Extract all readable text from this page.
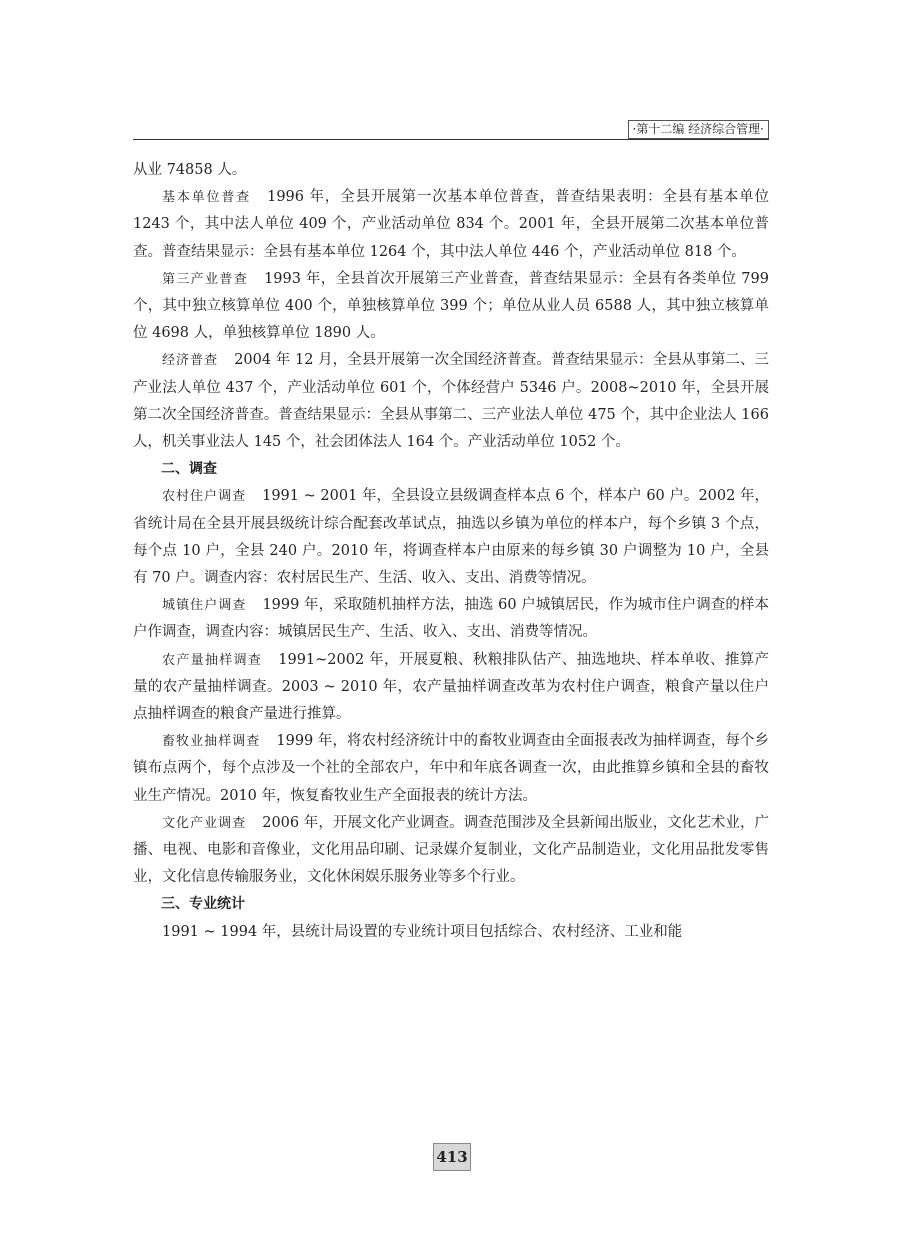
·第十二编 经济综合管理·

从业 74858 人。

基本单位普查 1996 年，全县开展第一次基本单位普查，普查结果表明：全县有基本单位 1243 个，其中法人单位 409 个，产业活动单位 834 个。2001 年，全县开展第二次基本单位普查。普查结果显示：全县有基本单位 1264 个，其中法人单位 446 个，产业活动单位 818 个。

第三产业普查 1993 年，全县首次开展第三产业普查，普查结果显示：全县有各类单位 799 个，其中独立核算单位 400 个，单独核算单位 399 个；单位从业人员 6588 人，其中独立核算单位 4698 人，单独核算单位 1890 人。

经济普查 2004 年 12 月，全县开展第一次全国经济普查。普查结果显示：全县从事第二、三产业法人单位 437 个，产业活动单位 601 个，个体经营户 5346 户。2008~2010 年，全县开展第二次全国经济普查。普查结果显示：全县从事第二、三产业法人单位 475 个，其中企业法人 166 人，机关事业法人 145 个，社会团体法人 164 个。产业活动单位 1052 个。

二、调查

农村住户调查 1991 ~ 2001 年，全县设立县级调查样本点 6 个，样本户 60 户。2002 年，省统计局在全县开展县级统计综合配套改革试点，抽选以乡镇为单位的样本户，每个乡镇 3 个点，每个点 10 户，全县 240 户。2010 年，将调查样本户由原来的每乡镇 30 户调整为 10 户，全县有 70 户。调查内容：农村居民生产、生活、收入、支出、消费等情况。

城镇住户调查 1999 年，采取随机抽样方法，抽选 60 户城镇居民，作为城市住户调查的样本户作调查，调查内容：城镇居民生产、生活、收入、支出、消费等情况。

农产量抽样调查 1991~2002 年，开展夏粮、秋粮排队估产、抽选地块、样本单收、推算产量的农产量抽样调查。2003 ~ 2010 年，农产量抽样调查改革为农村住户调查，粮食产量以住户点抽样调查的粮食产量进行推算。

畜牧业抽样调查 1999 年，将农村经济统计中的畜牧业调查由全面报表改为抽样调查，每个乡镇布点两个，每个点涉及一个社的全部农户，年中和年底各调查一次，由此推算乡镇和全县的畜牧业生产情况。2010 年，恢复畜牧业生产全面报表的统计方法。

文化产业调查 2006 年，开展文化产业调查。调查范围涉及全县新闻出版业，文化艺术业，广播、电视、电影和音像业，文化用品印刷、记录媒介复制业，文化产品制造业，文化用品批发零售业，文化信息传输服务业，文化休闲娱乐服务业等多个行业。

三、专业统计

1991 ~ 1994 年，县统计局设置的专业统计项目包括综合、农村经济、工业和能

413
